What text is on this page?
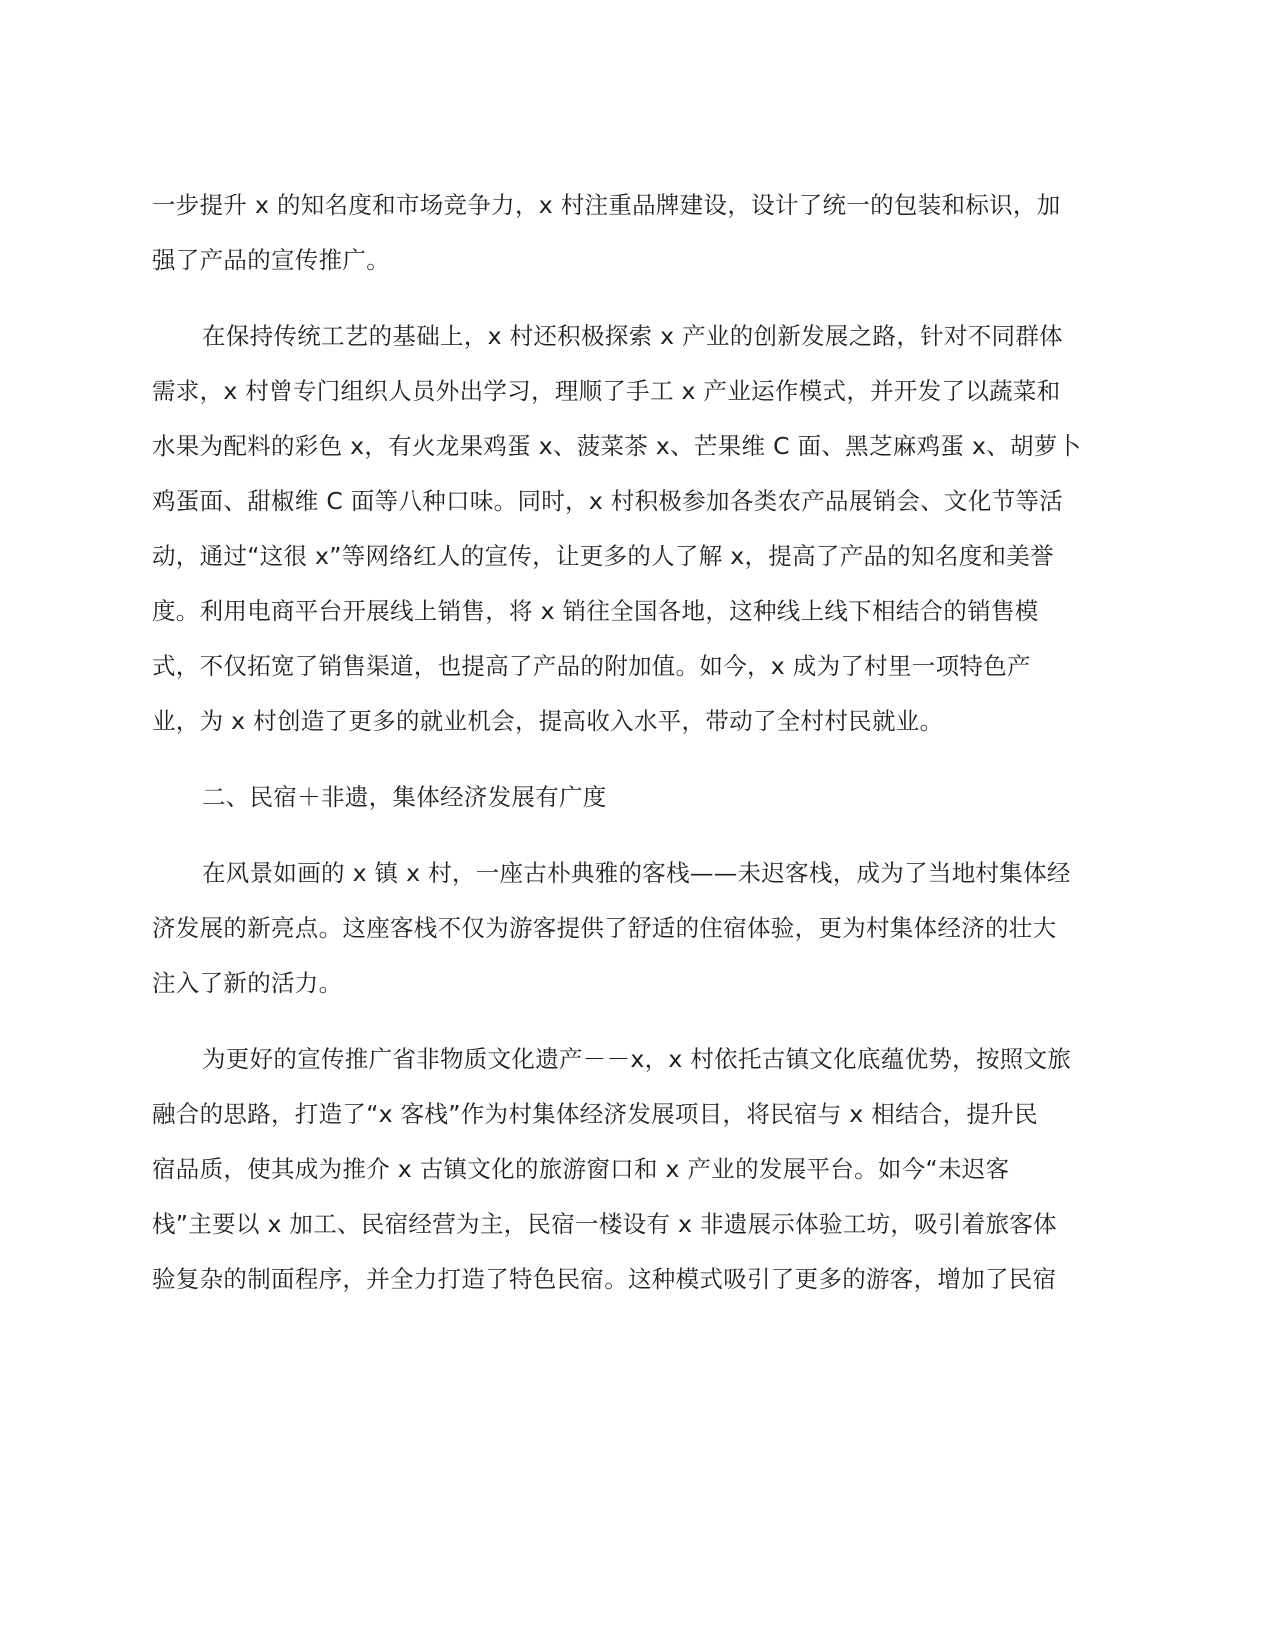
一步提升 x 的知名度和市场竞争力，x 村注重品牌建设，设计了统一的包装和标识，加

强了产品的宣传推广。

在保持传统工艺的基础上，x 村还积极探索 x 产业的创新发展之路，针对不同群体

需求，x 村曾专门组织人员外出学习，理顺了手工 x 产业运作模式，并开发了以蔬菜和

水果为配料的彩色 x，有火龙果鸡蛋 x、菠菜茶 x、芒果维 C 面、黑芝麻鸡蛋 x、胡萝卜

鸡蛋面、甜椒维 C 面等八种口味。同时，x 村积极参加各类农产品展销会、文化节等活

动，通过“这很 x”等网络红人的宣传，让更多的人了解 x，提高了产品的知名度和美誉

度。利用电商平台开展线上销售，将 x 销往全国各地，这种线上线下相结合的销售模

式，不仅拓宽了销售渠道，也提高了产品的附加值。如今，x 成为了村里一项特色产

业，为 x 村创造了更多的就业机会，提高收入水平，带动了全村村民就业。

二、民宿＋非遗，集体经济发展有广度

在风景如画的 x 镇 x 村，一座古朴典雅的客栈——未迟客栈，成为了当地村集体经

济发展的新亮点。这座客栈不仅为游客提供了舒适的住宿体验，更为村集体经济的壮大

注入了新的活力。

为更好的宣传推广省非物质文化遗产－－x，x 村依托古镇文化底蕴优势，按照文旅

融合的思路，打造了“x 客栈”作为村集体经济发展项目，将民宿与 x 相结合，提升民

宿品质，使其成为推介 x 古镇文化的旅游窗口和 x 产业的发展平台。如今“未迟客

栈”主要以 x 加工、民宿经营为主，民宿一楼设有 x 非遗展示体验工坊，吸引着旅客体

验复杂的制面程序，并全力打造了特色民宿。这种模式吸引了更多的游客，增加了民宿
